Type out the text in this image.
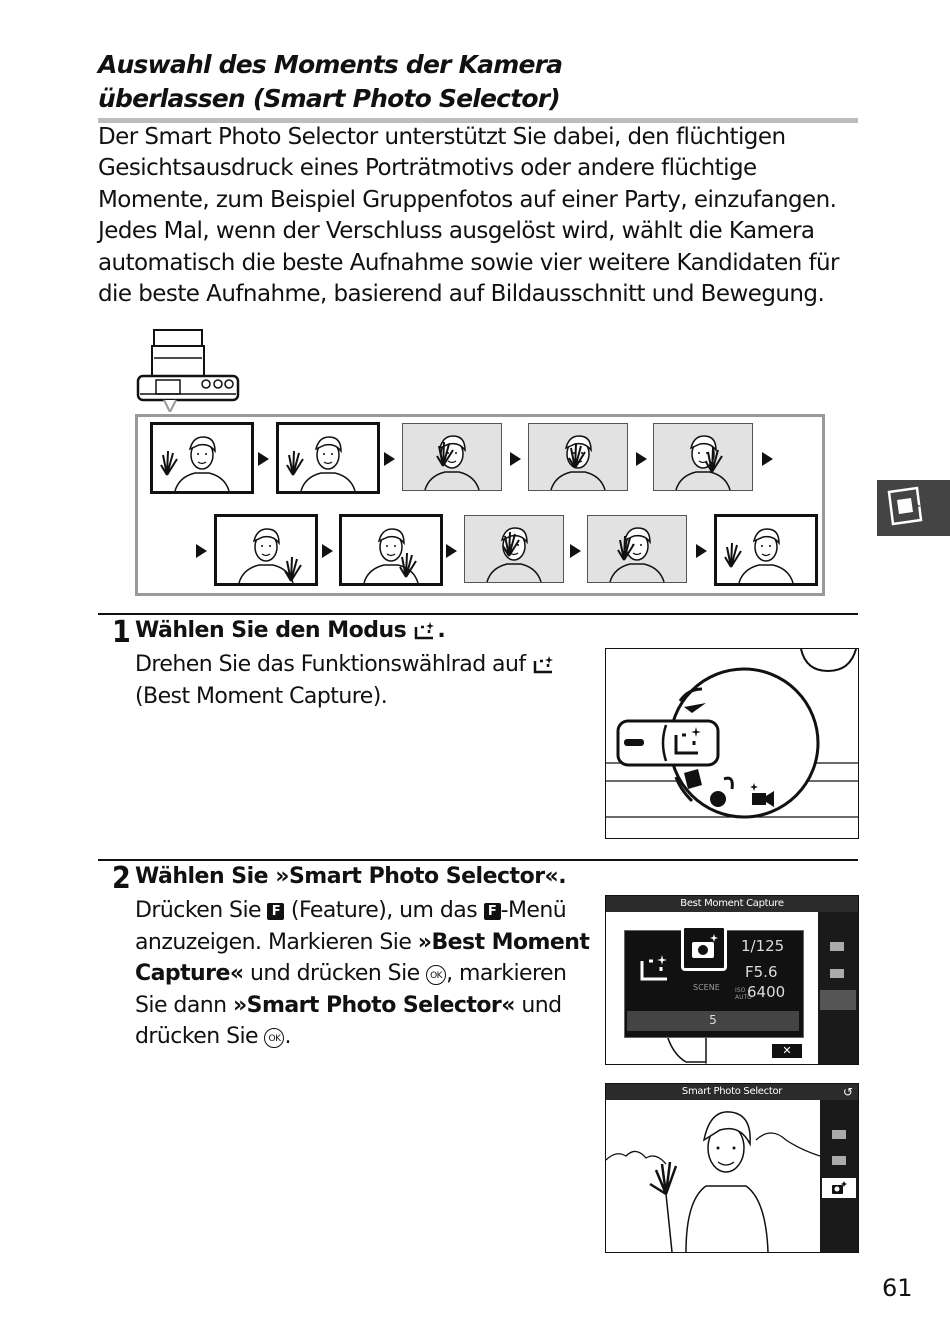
Auswahl des Moments der Kamera
überlassen (Smart Photo Selector)
Der Smart Photo Selector unterstützt Sie dabei, den flüchtigen Gesichtsausdruck eines Porträtmotivs oder andere flüchtige Momente, zum Beispiel Gruppenfotos auf einer Party, einzufangen. Jedes Mal, wenn der Verschluss ausgelöst wird, wählt die Kamera automatisch die beste Aufnahme sowie vier weitere Kandidaten für die beste Aufnahme, basierend auf Bildausschnitt und Bewegung.
1 Wählen Sie den Modus .
Drehen Sie das Funktionswählrad auf
(Best Moment Capture).
2 Wählen Sie »Smart Photo Selector«.
Drücken Sie F (Feature), um das F -Menü anzuzeigen. Markieren Sie »Best Moment Capture« und drücken Sie OK , markieren Sie dann »Smart Photo Selector« und drücken Sie OK .
Best Moment Capture
1/125
F5.6
SCENE	ISO AUTO
6400
5
✕
Smart Photo Selector	↺
61
